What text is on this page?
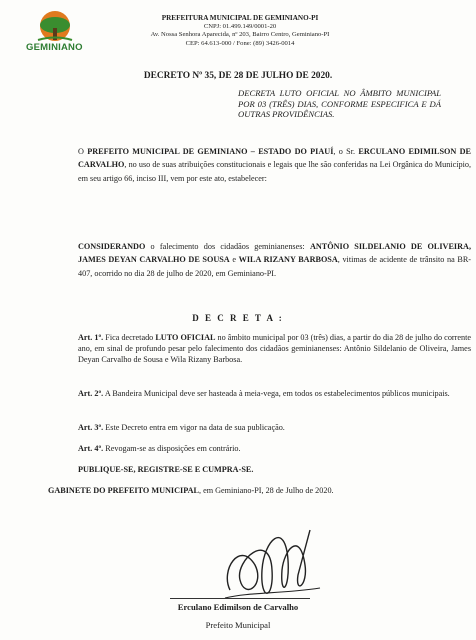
GEMINIANO
PREFEITURA MUNICIPAL DE GEMINIANO-PI
CNPJ: 01.499.149/0001-20
Av. Nossa Senhora Aparecida, nº 203, Bairro Centro, Geminiano-PI
CEP: 64.613-000 / Fone: (89) 3426-0014
DECRETO Nº 35, DE 28 DE JULHO DE 2020.
DECRETA LUTO OFICIAL NO ÂMBITO MUNICIPAL POR 03 (TRÊS) DIAS, CONFORME ESPECIFICA E DÁ OUTRAS PROVIDÊNCIAS.
O PREFEITO MUNICIPAL DE GEMINIANO – ESTADO DO PIAUÍ, o Sr. ERCULANO EDIMILSON DE CARVALHO, no uso de suas atribuições constitucionais e legais que lhe são conferidas na Lei Orgânica do Município, em seu artigo 66, inciso III, vem por este ato, estabelecer:
CONSIDERANDO o falecimento dos cidadãos geminianenses: ANTÔNIO SILDELANIO DE OLIVEIRA, JAMES DEYAN CARVALHO DE SOUSA e WILA RIZANY BARBOSA, vitimas de acidente de trânsito na BR-407, ocorrido no dia 28 de julho de 2020, em Geminiano-PI.
D E C R E T A :
Art. 1º. Fica decretado LUTO OFICIAL no âmbito municipal por 03 (três) dias, a partir do dia 28 de julho do corrente ano, em sinal de profundo pesar pelo falecimento dos cidadãos geminianenses: Antônio Sildelanio de Oliveira, James Deyan Carvalho de Sousa e Wila Rizany Barbosa.
Art. 2º. A Bandeira Municipal deve ser hasteada à meia-vega, em todos os estabelecimentos públicos municipais.
Art. 3º. Este Decreto entra em vigor na data de sua publicação.
Art. 4º. Revogam-se as disposições em contrário.
PUBLIQUE-SE, REGISTRE-SE E CUMPRA-SE.
GABINETE DO PREFEITO MUNICIPAL, em Geminiano-PI, 28 de Julho de 2020.
Erculano Edimilson de Carvalho
Prefeito Municipal
